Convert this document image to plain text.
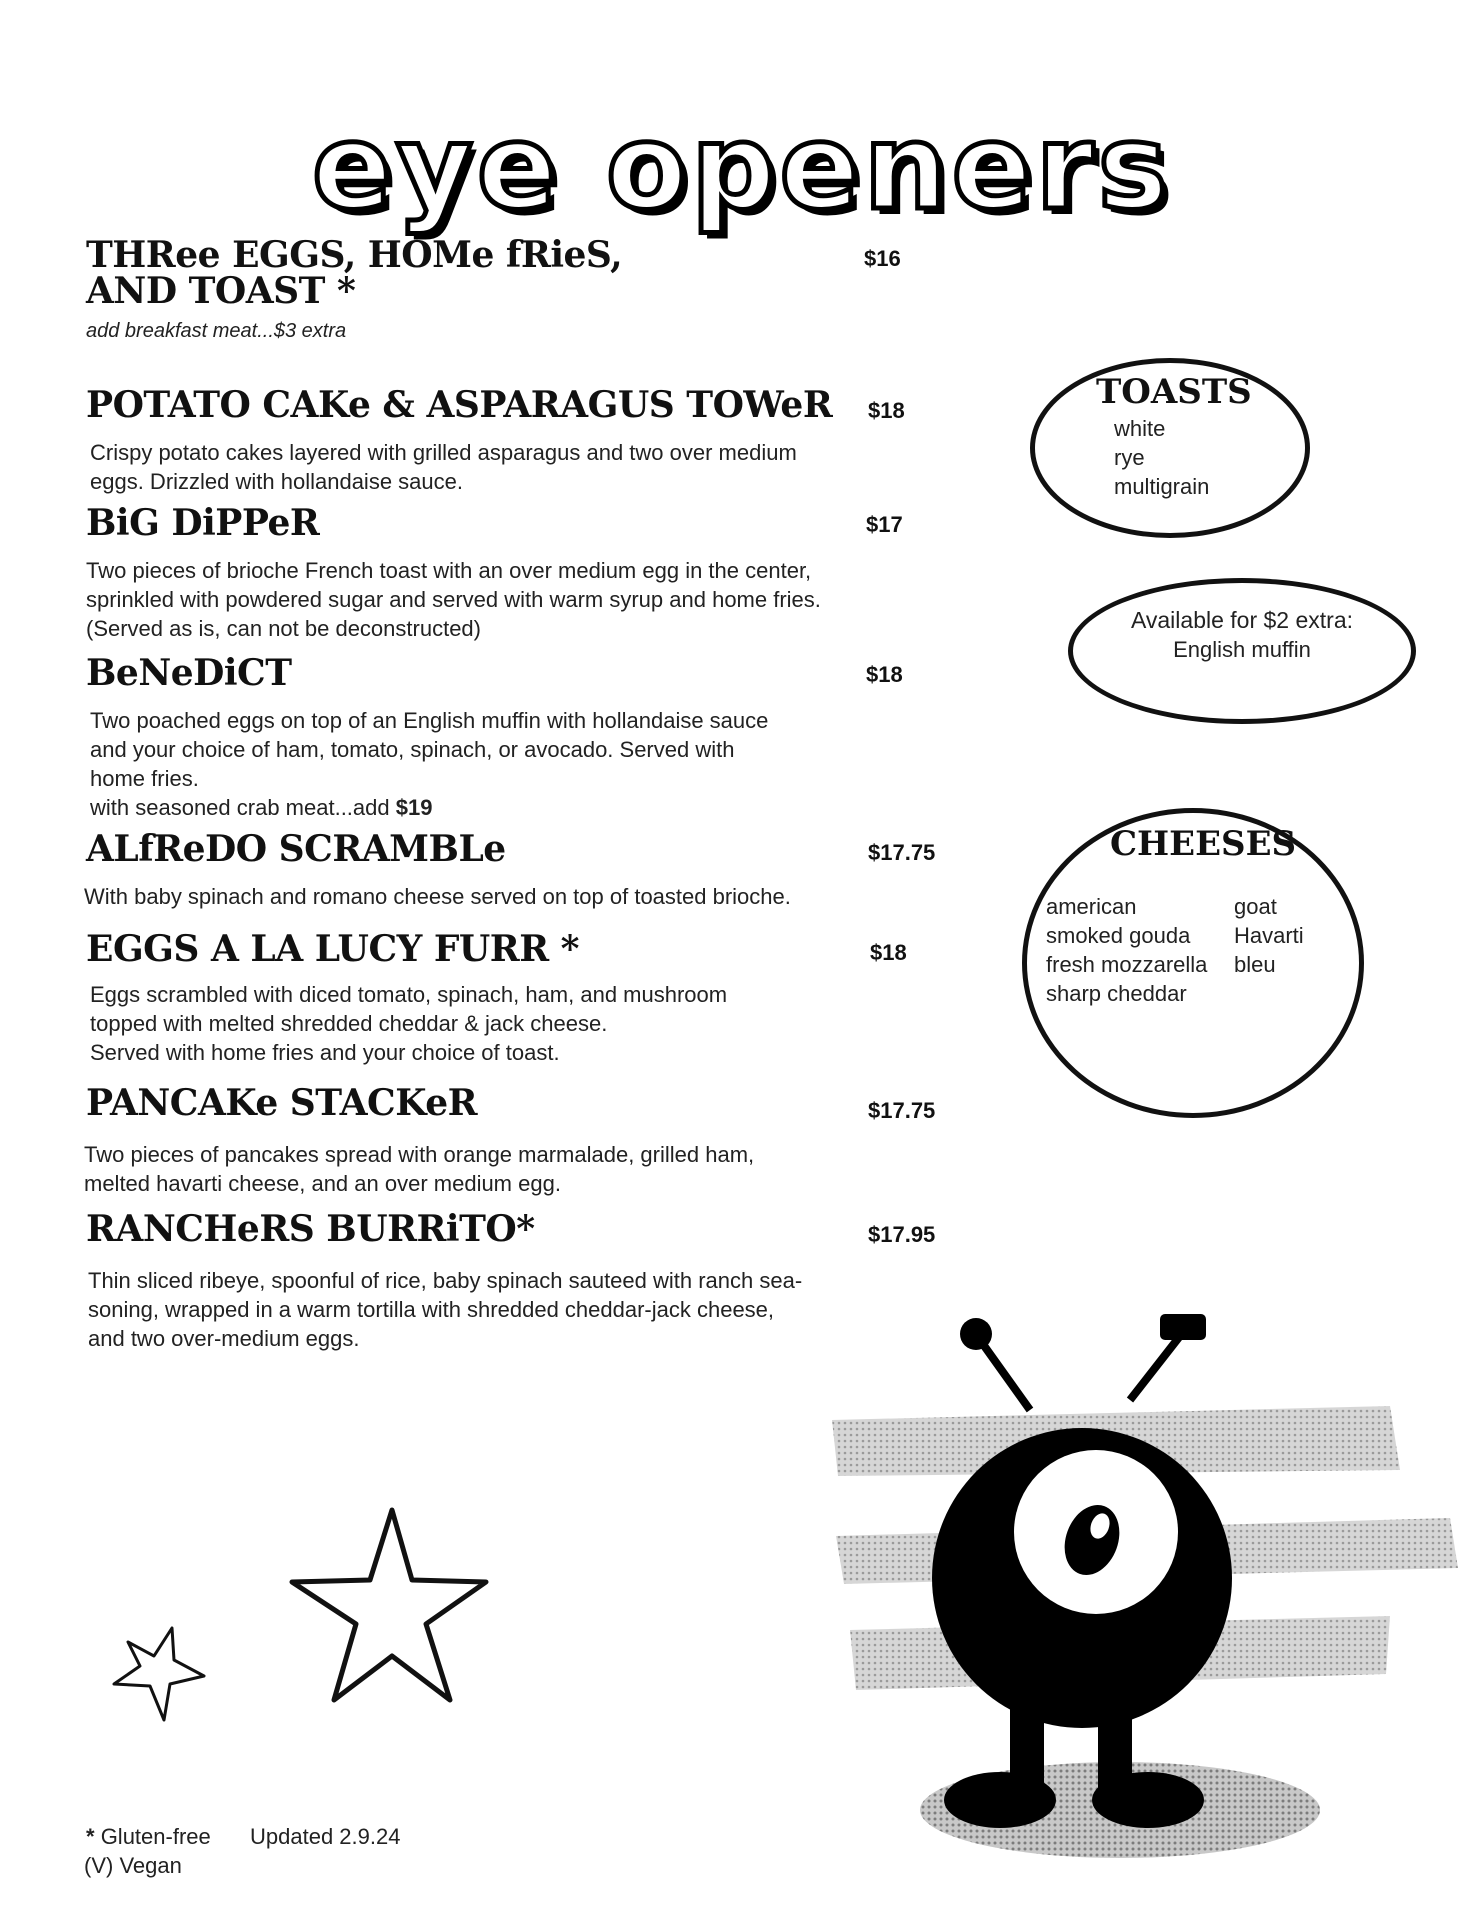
eye openers
THRee EGGS, HOMe fRieS,
AND TOAST *
$16
add breakfast meat...$3 extra
POTATO CAKe & ASPARAGUS TOWeR $18
Crispy potato cakes layered with grilled asparagus and two over medium
eggs. Drizzled with hollandaise sauce.
BiG DiPPeR	$17
Two pieces of brioche French toast with an over medium egg in the center,
sprinkled with powdered sugar and served with warm syrup and home fries.
(Served as is, can not be deconstructed)
BeNeDiCT	$18
Two poached eggs on top of an English muffin with hollandaise sauce
and your choice of ham, tomato, spinach, or avocado. Served with
home fries.
with seasoned crab meat...add $19
ALfReDO SCRAMBLe	$17.75
With baby spinach and romano cheese served on top of toasted brioche.
EGGS A LA LUCY FURR *	$18
Eggs scrambled with diced tomato, spinach, ham, and mushroom
topped with melted shredded cheddar & jack cheese.
Served with home fries and your choice of toast.
PANCAKe STACKeR	$17.75
Two pieces of pancakes spread with orange marmalade, grilled ham,
melted havarti cheese, and an over medium egg.
RANCHeRS BURRiTO*	$17.95
Thin sliced ribeye, spoonful of rice, baby spinach sauteed with ranch sea-
soning, wrapped in a warm tortilla with shredded cheddar-jack cheese,
and two over-medium eggs.
TOASTS
white
rye
multigrain
Available for $2 extra:
English muffin
CHEESES
american
smoked gouda
fresh mozzarella
sharp cheddar
goat
Havarti
bleu
* Gluten-free Updated 2.9.24
(V) Vegan
